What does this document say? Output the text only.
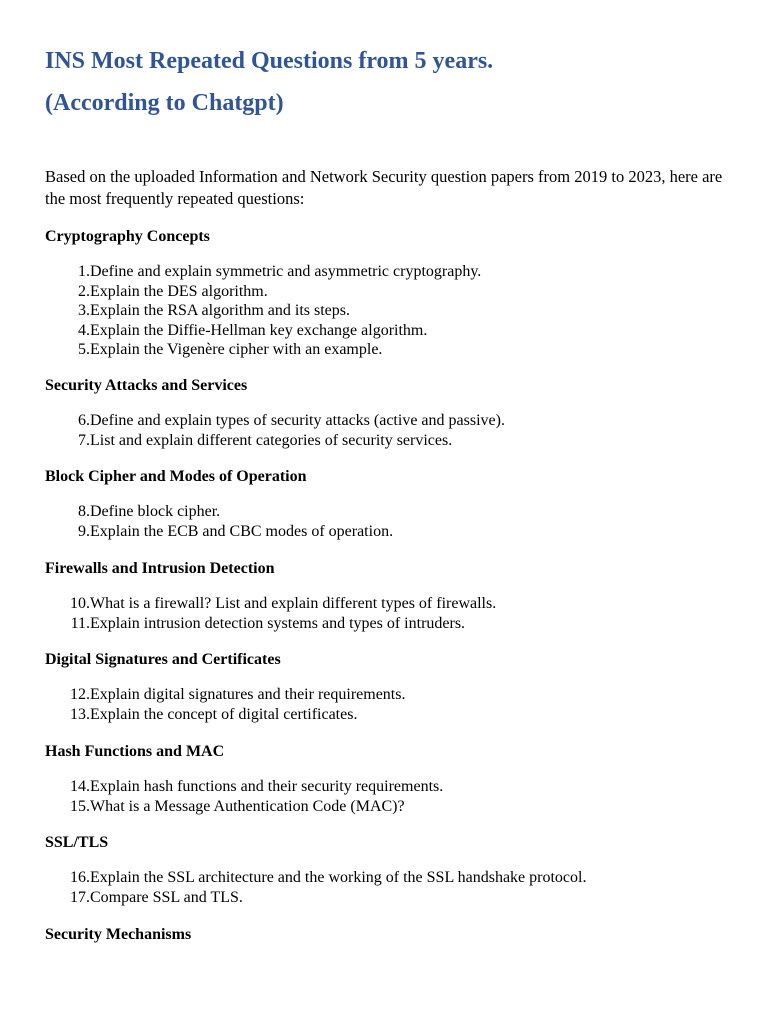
INS Most Repeated Questions from 5 years.
(According to Chatgpt)

Based on the uploaded Information and Network Security question papers from 2019 to 2023, here are the most frequently repeated questions:

Cryptography Concepts

1. Define and explain symmetric and asymmetric cryptography.
2. Explain the DES algorithm.
3. Explain the RSA algorithm and its steps.
4. Explain the Diffie-Hellman key exchange algorithm.
5. Explain the Vigenère cipher with an example.

Security Attacks and Services

6. Define and explain types of security attacks (active and passive).
7. List and explain different categories of security services.

Block Cipher and Modes of Operation

8. Define block cipher.
9. Explain the ECB and CBC modes of operation.

Firewalls and Intrusion Detection

10. What is a firewall? List and explain different types of firewalls.
11. Explain intrusion detection systems and types of intruders.

Digital Signatures and Certificates

12. Explain digital signatures and their requirements.
13. Explain the concept of digital certificates.

Hash Functions and MAC

14. Explain hash functions and their security requirements.
15. What is a Message Authentication Code (MAC)?

SSL/TLS

16. Explain the SSL architecture and the working of the SSL handshake protocol.
17. Compare SSL and TLS.

Security Mechanisms
